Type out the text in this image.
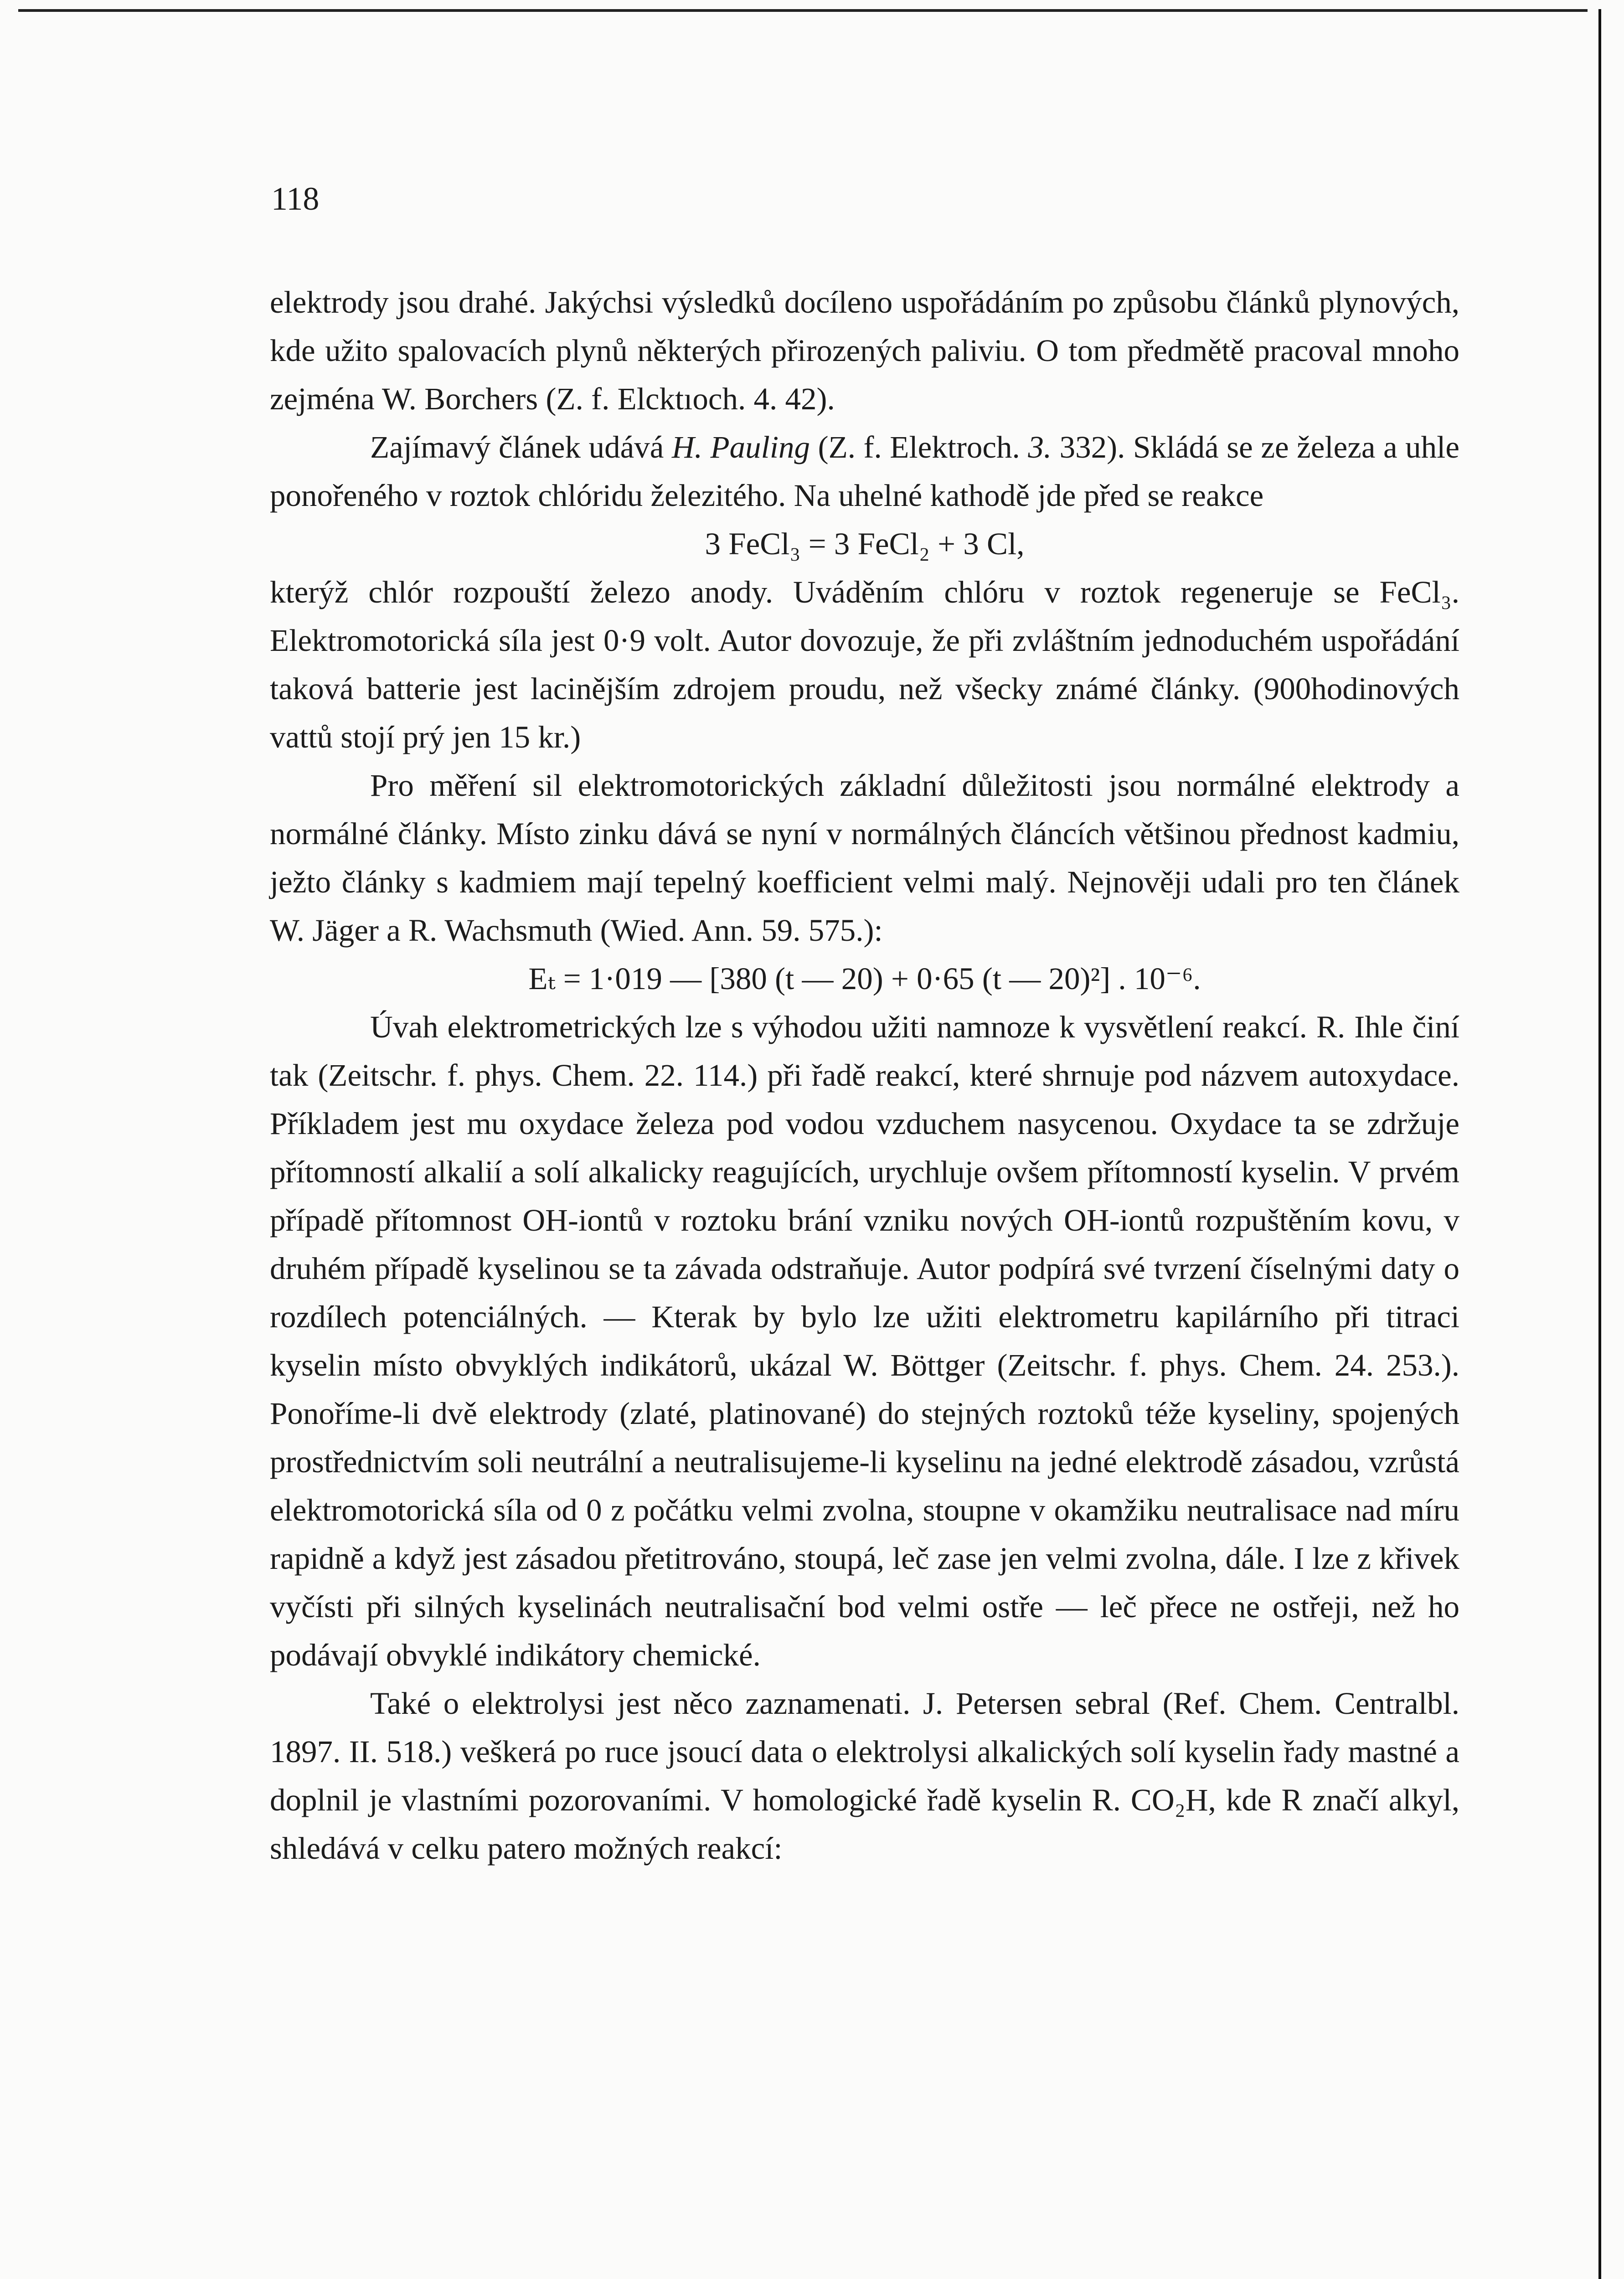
118

elektrody jsou drahé. Jakýchsi výsledků docíleno uspořádáním po způsobu článků plynových, kde užito spalovacích plynů některých přirozených paliviu. O tom předmětě pracoval mnoho zejména W. Borchers (Z. f. Elcktıoch. 4. 42).

Zajímavý článek udává H. Pauling (Z. f. Elektroch. 3. 332). Skládá se ze železa a uhle ponořeného v roztok chlóridu železitého. Na uhelné kathodě jde před se reakce

3 FeCl₃ = 3 FeCl₂ + 3 Cl,

kterýž chlór rozpouští železo anody. Uváděním chlóru v roztok regeneruje se FeCl₃. Elektromotorická síla jest 0·9 volt. Autor dovozuje, že při zvláštním jednoduchém uspořádání taková batterie jest lacinějším zdrojem proudu, než všecky známé články. (900hodinových vattů stojí prý jen 15 kr.)

Pro měření sil elektromotorických základní důležitosti jsou normálné elektrody a normálné články. Místo zinku dává se nyní v normálných článcích většinou přednost kadmiu, ježto články s kadmiem mají tepelný koefficient velmi malý. Nejnověji udali pro ten článek W. Jäger a R. Wachsmuth (Wied. Ann. 59. 575.):

Eₜ = 1·019 — [380 (t — 20) + 0·65 (t — 20)²] . 10⁻⁶.

Úvah elektrometrických lze s výhodou užiti namnoze k vysvětlení reakcí. R. Ihle činí tak (Zeitschr. f. phys. Chem. 22. 114.) při řadě reakcí, které shrnuje pod názvem autoxydace. Příkladem jest mu oxydace železa pod vodou vzduchem nasycenou. Oxydace ta se zdržuje přítomností alkalií a solí alkalicky reagujících, urychluje ovšem přítomností kyselin. V prvém případě přítomnost OH-iontů v roztoku brání vzniku nových OH-iontů rozpuštěním kovu, v druhém případě kyselinou se ta závada odstraňuje. Autor podpírá své tvrzení číselnými daty o rozdílech potenciálných. — Kterak by bylo lze užiti elektrometru kapilárního při titraci kyselin místo obvyklých indikátorů, ukázal W. Böttger (Zeitschr. f. phys. Chem. 24. 253.). Ponoříme-li dvě elektrody (zlaté, platinované) do stejných roztoků téže kyseliny, spojených prostřednictvím soli neutrální a neutralisujeme-li kyselinu na jedné elektrodě zásadou, vzrůstá elektromotorická síla od 0 z počátku velmi zvolna, stoupne v okamžiku neutralisace nad míru rapidně a když jest zásadou přetitrováno, stoupá, leč zase jen velmi zvolna, dále. I lze z křivek vyčísti při silných kyselinách neutralisační bod velmi ostře — leč přece ne ostřeji, než ho podávají obvyklé indikátory chemické.

Také o elektrolysi jest něco zaznamenati. J. Petersen sebral (Ref. Chem. Centralbl. 1897. II. 518.) veškerá po ruce jsoucí data o elektrolysi alkalických solí kyselin řady mastné a doplnil je vlastními pozorovaními. V homologické řadě kyselin R. CO₂H, kde R značí alkyl, shledává v celku patero možných reakcí:
